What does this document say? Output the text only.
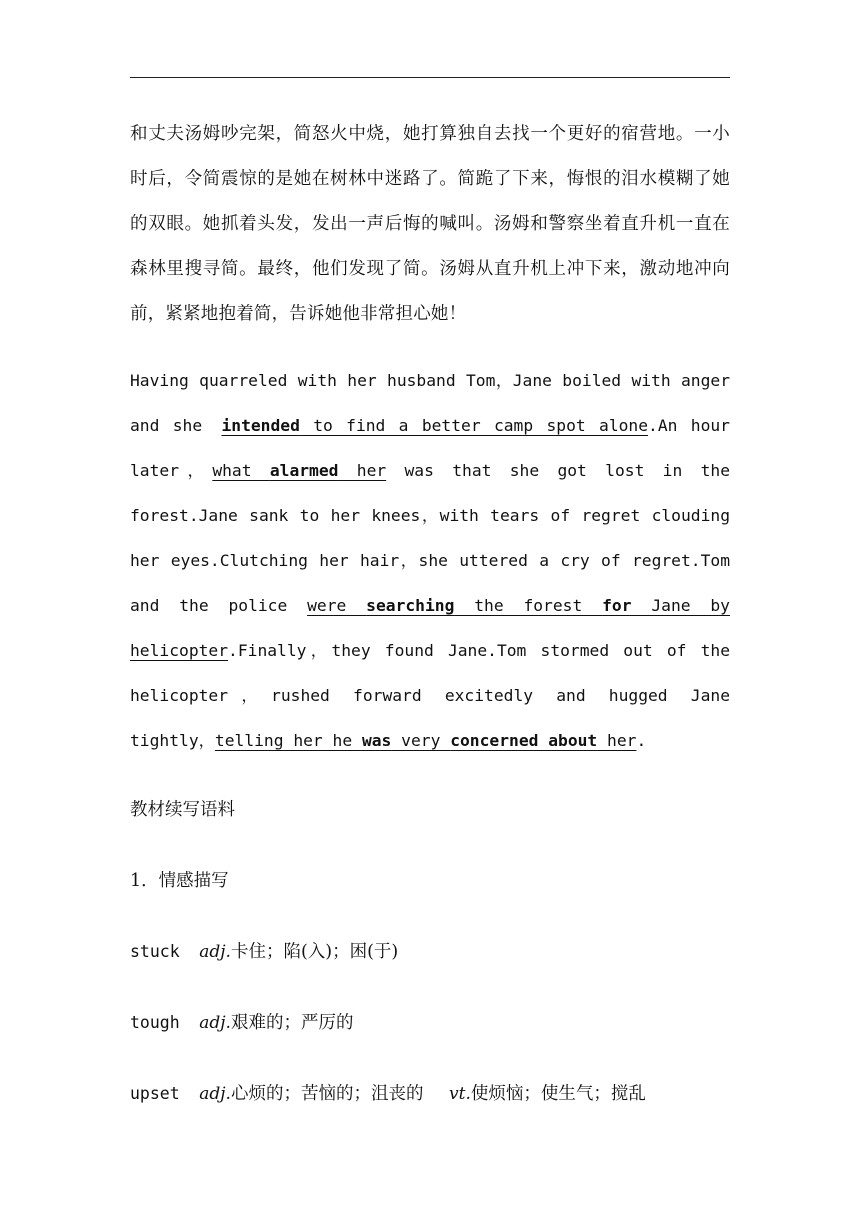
和丈夫汤姆吵完架，简怒火中烧，她打算独自去找一个更好的宿营地。一小时后，令简震惊的是她在树林中迷路了。简跪了下来，悔恨的泪水模糊了她的双眼。她抓着头发，发出一声后悔的喊叫。汤姆和警察坐着直升机一直在森林里搜寻简。最终，他们发现了简。汤姆从直升机上冲下来，激动地冲向前，紧紧地抱着简，告诉她他非常担心她！
Having quarreled with her husband Tom，Jane boiled with anger and she intended to find a better camp spot alone.An hour later，what alarmed her was that she got lost in the forest.Jane sank to her knees，with tears of regret clouding her eyes.Clutching her hair，she uttered a cry of regret.Tom and the police were searching the forest for Jane by helicopter.Finally，they found Jane.Tom stormed out of the helicopter，rushed forward excitedly and hugged Jane tightly，telling her he was very concerned about her.
教材续写语料
1．情感描写
stuck adj.卡住；陷(入)；困(于)
tough adj.艰难的；严厉的
upset adj.心烦的；苦恼的；沮丧的 vt.使烦恼；使生气；搅乱
